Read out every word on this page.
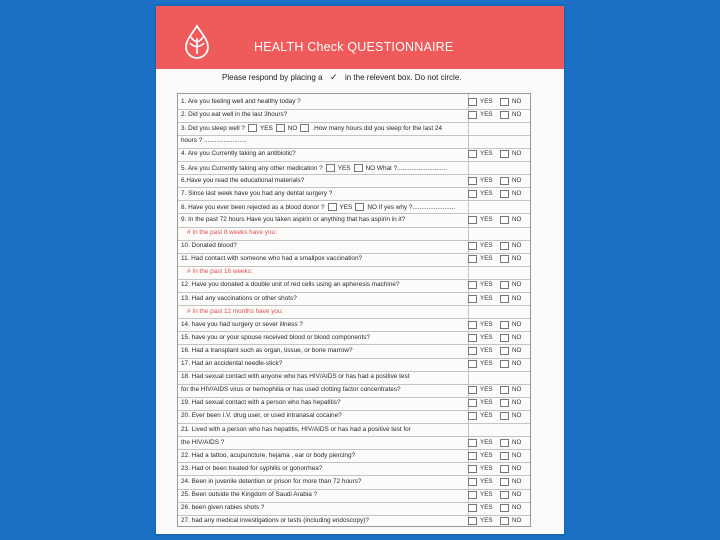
HEALTH Check QUESTIONNAIRE
Please respond by placing a ✓ in the relevent box. Do not circle.
1. Are you feeling well and healthy today ?	YES	NO
2. Did you eat well in the last 3hours?	YES	NO
3. Did you sleep well ? YES NO .How many hours did you sleep for the last 24
hours ? ........................
4. Are you Currently taking an antibiotic?	YES	NO
5. Are you Currently taking any other medication ? YES NO What ?............................
6.Have you read the educational materials?	YES	NO
7. Since last week have you had any dental surgery ?	YES	NO
8. Have you ever been rejected as a blood donor ? YES NO If yes why ?........................
9. In the past 72 hours Have you taken aspirin or anything that has aspirin in it?	YES	NO
# In the past 8 weeks have you:
10. Donated blood?	YES	NO
11. Had contact with someone who had a smallpox vaccination?	YES	NO
# In the past 16 weeks:
12. Have you donated a double unit of red cells using an apheresis machine?	YES	NO
13. Had any vaccinations or other shots?	YES	NO
# In the past 12 months have you:
14. have you had surgery or sever illness ?	YES	NO
15. have you or your spouse received blood or blood components?	YES	NO
16. Had a transplant such as organ, tissue, or bone marrow?	YES	NO
17. Had an accidental needle-stick?	YES	NO
18. Had sexual contact with anyone who has HIV/AIDS or has had a positive test
for the HIV/AIDS virus or hemophilia or has used clotting factor concentrates?	YES	NO
19. Had sexual contact with a person who has hepatitis?	YES	NO
20. Ever been I.V. drug user, or used intranasal cocaine?	YES	NO
21. Lived with a person who has hepatitis, HIV/AIDS or has had a positive test for
the HIV/AIDS ?	YES	NO
22. Had a tattoo, acupuncture, hejama , ear or body piercing?	YES	NO
23. Had or been treated for syphilis or gonorrhea?	YES	NO
24. Been in juvenile detention or prison for more than 72 hours?	YES	NO
25. Been outside the Kingdom of Saudi Arabia ?	YES	NO
26. been given rabies shots ?	YES	NO
27. had any medical investigations or tests (including endoscopy)?	YES	NO
